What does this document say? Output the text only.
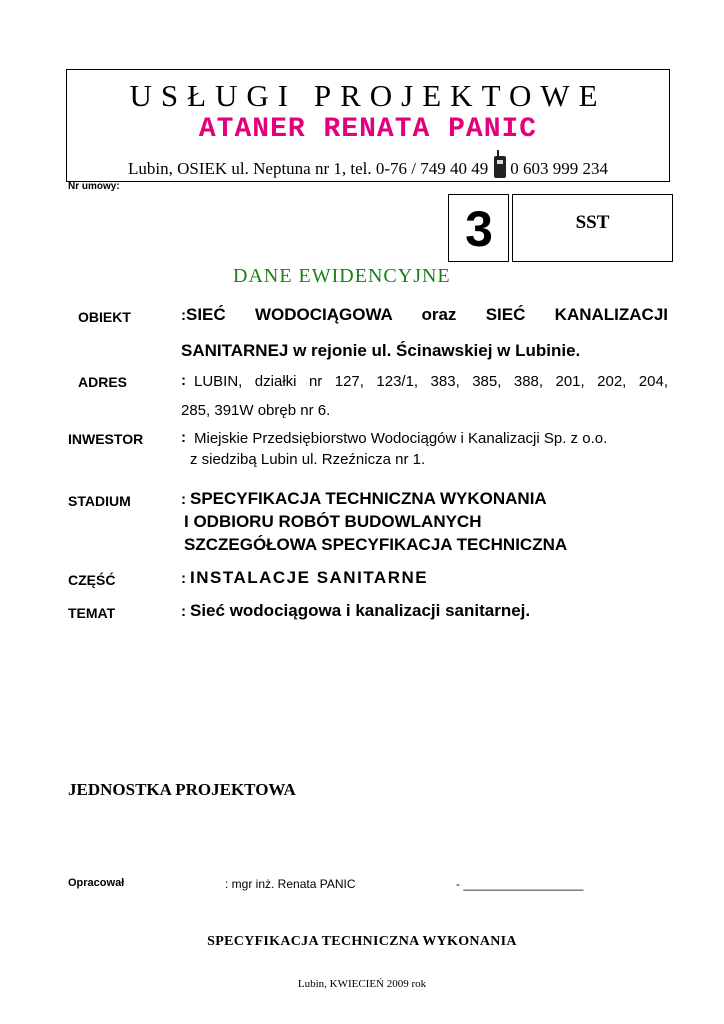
USŁUGI PROJEKTOWE
ATANER RENATA PANIC
Lubin, OSIEK ul. Neptuna nr 1, tel. 0-76 / 749 40 49 0 603 999 234
Nr umowy:
3	SST
DANE EWIDENCYJNE
OBIEKT	: SIEĆ WODOCIĄGOWA oraz SIEĆ KANALIZACJI
SANITARNEJ w rejonie ul. Ścinawskiej w Lubinie.
ADRES	: LUBIN, działki nr 127, 123/1, 383, 385, 388, 201, 202, 204,
285, 391W obręb nr 6.
INWESTOR	: Miejskie Przedsiębiorstwo Wodociągów i Kanalizacji Sp. z o.o.
z siedzibą Lubin ul. Rzeźnicza nr 1.
STADIUM	: SPECYFIKACJA TECHNICZNA WYKONANIA
I ODBIORU ROBÓT BUDOWLANYCH
SZCZEGÓŁOWA SPECYFIKACJA TECHNICZNA
CZĘŚĆ	: INSTALACJE SANITARNE
TEMAT	: Sieć wodociągowa i kanalizacji sanitarnej.
JEDNOSTKA PROJEKTOWA
Opracował	: mgr inż. Renata PANIC	- __________________
SPECYFIKACJA TECHNICZNA WYKONANIA
Lubin, KWIECIEŃ 2009 rok
